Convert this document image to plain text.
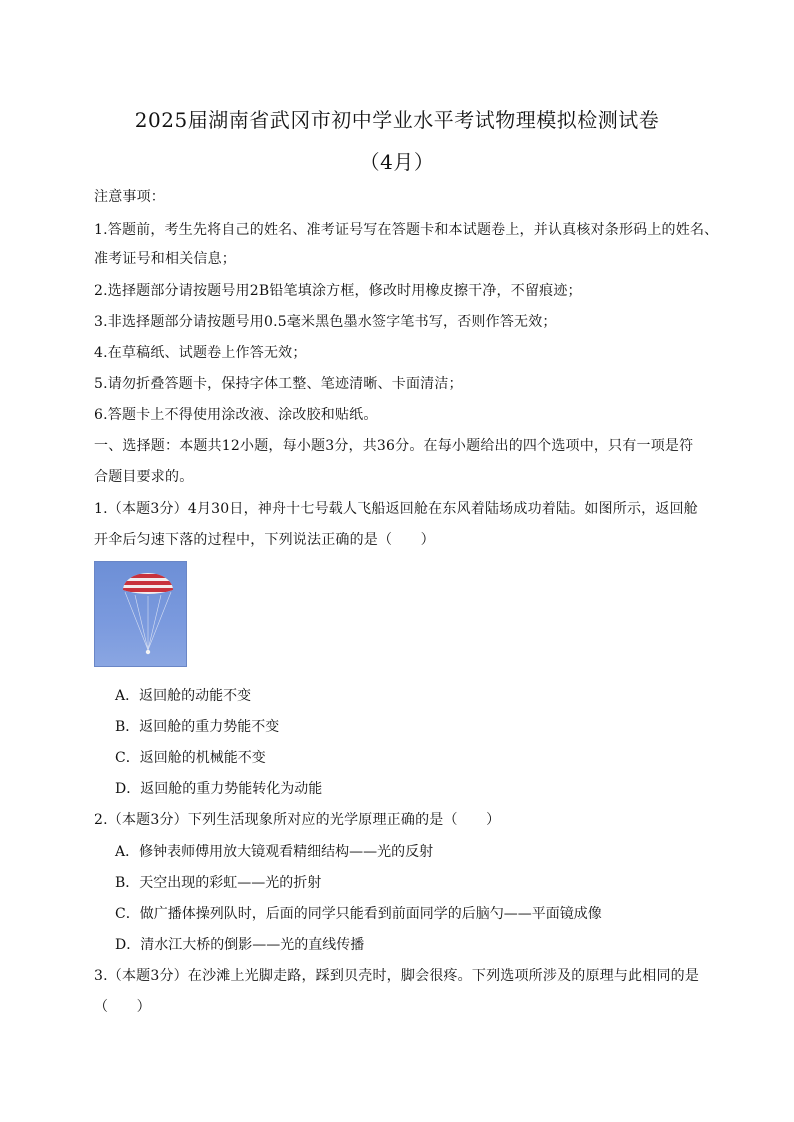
2025届湖南省武冈市初中学业水平考试物理模拟检测试卷
（4月）
注意事项：
1.答题前，考生先将自己的姓名、准考证号写在答题卡和本试题卷上，并认真核对条形码上的姓名、
准考证号和相关信息；
2.选择题部分请按题号用2B铅笔填涂方框，修改时用橡皮擦干净，不留痕迹；
3.非选择题部分请按题号用0.5毫米黑色墨水签字笔书写，否则作答无效；
4.在草稿纸、试题卷上作答无效；
5.请勿折叠答题卡，保持字体工整、笔迹清晰、卡面清洁；
6.答题卡上不得使用涂改液、涂改胶和贴纸。
一、选择题：本题共12小题，每小题3分，共36分。在每小题给出的四个选项中，只有一项是符
合题目要求的。
1.（本题3分）4月30日，神舟十七号载人飞船返回舱在东风着陆场成功着陆。如图所示，返回舱
开伞后匀速下落的过程中，下列说法正确的是（　　）
A．返回舱的动能不变
B．返回舱的重力势能不变
C．返回舱的机械能不变
D．返回舱的重力势能转化为动能
2.（本题3分）下列生活现象所对应的光学原理正确的是（　　）
A．修钟表师傅用放大镜观看精细结构——光的反射
B．天空出现的彩虹——光的折射
C．做广播体操列队时，后面的同学只能看到前面同学的后脑勺——平面镜成像
D．清水江大桥的倒影——光的直线传播
3.（本题3分）在沙滩上光脚走路，踩到贝壳时，脚会很疼。下列选项所涉及的原理与此相同的是
（　　）
